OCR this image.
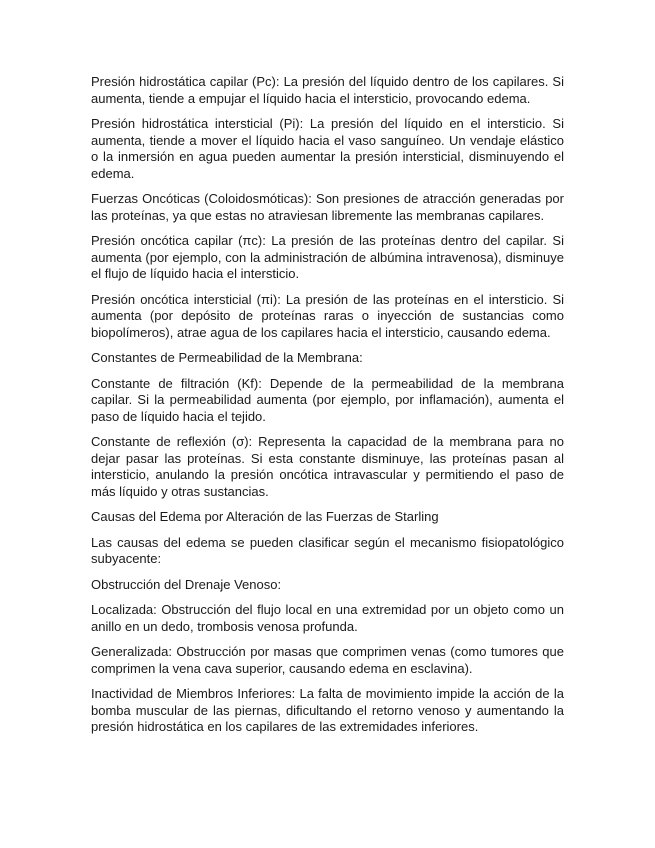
Presión hidrostática capilar (Pc): La presión del líquido dentro de los capilares. Si aumenta, tiende a empujar el líquido hacia el intersticio, provocando edema.

Presión hidrostática intersticial (Pi): La presión del líquido en el intersticio. Si aumenta, tiende a mover el líquido hacia el vaso sanguíneo. Un vendaje elástico o la inmersión en agua pueden aumentar la presión intersticial, disminuyendo el edema.

Fuerzas Oncóticas (Coloidosmóticas): Son presiones de atracción generadas por las proteínas, ya que estas no atraviesan libremente las membranas capilares.

Presión oncótica capilar (πc): La presión de las proteínas dentro del capilar. Si aumenta (por ejemplo, con la administración de albúmina intravenosa), disminuye el flujo de líquido hacia el intersticio.

Presión oncótica intersticial (πi): La presión de las proteínas en el intersticio. Si aumenta (por depósito de proteínas raras o inyección de sustancias como biopolímeros), atrae agua de los capilares hacia el intersticio, causando edema.

Constantes de Permeabilidad de la Membrana:

Constante de filtración (Kf): Depende de la permeabilidad de la membrana capilar. Si la permeabilidad aumenta (por ejemplo, por inflamación), aumenta el paso de líquido hacia el tejido.

Constante de reflexión (σ): Representa la capacidad de la membrana para no dejar pasar las proteínas. Si esta constante disminuye, las proteínas pasan al intersticio, anulando la presión oncótica intravascular y permitiendo el paso de más líquido y otras sustancias.

Causas del Edema por Alteración de las Fuerzas de Starling

Las causas del edema se pueden clasificar según el mecanismo fisiopatológico subyacente:

Obstrucción del Drenaje Venoso:

Localizada: Obstrucción del flujo local en una extremidad por un objeto como un anillo en un dedo, trombosis venosa profunda.

Generalizada: Obstrucción por masas que comprimen venas (como tumores que comprimen la vena cava superior, causando edema en esclavina).

Inactividad de Miembros Inferiores: La falta de movimiento impide la acción de la bomba muscular de las piernas, dificultando el retorno venoso y aumentando la presión hidrostática en los capilares de las extremidades inferiores.
